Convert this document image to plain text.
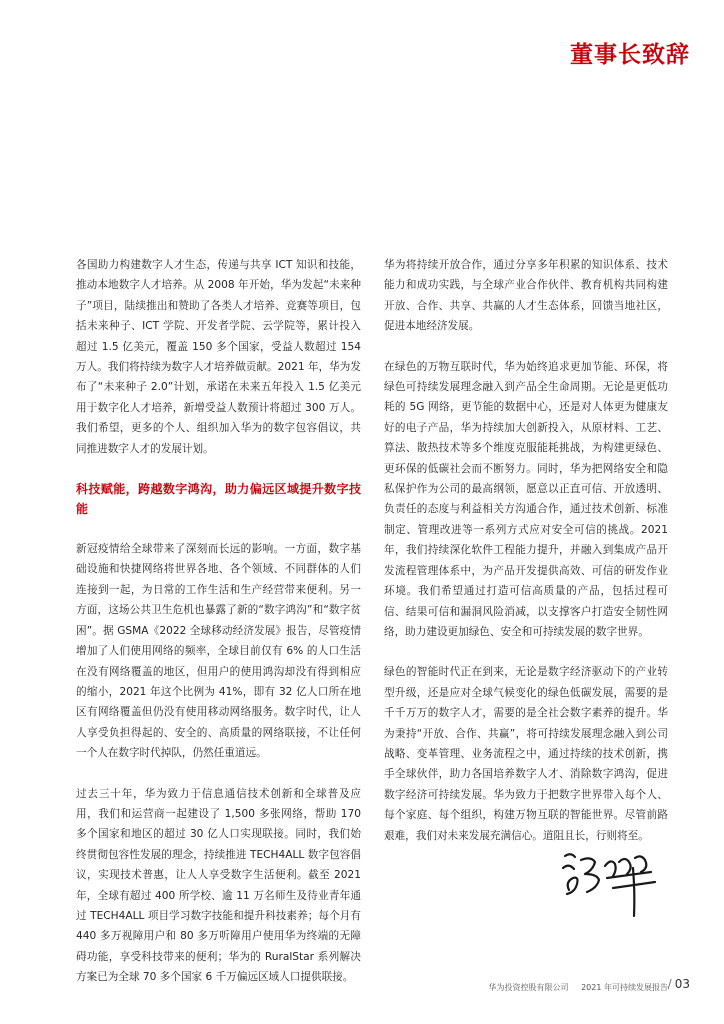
董事长致辞

各国助力构建数字人才生态，传递与共享 ICT 知识和技能，推动本地数字人才培养。从 2008 年开始，华为发起“未来种子”项目，陆续推出和赞助了各类人才培养、竞赛等项目，包括未来种子、ICT 学院、开发者学院、云学院等，累计投入超过 1.5 亿美元，覆盖 150 多个国家，受益人数超过 154 万人。我们将持续为数字人才培养做贡献。2021 年，华为发布了“未来种子 2.0”计划，承诺在未来五年投入 1.5 亿美元用于数字化人才培养，新增受益人数预计将超过 300 万人。我们希望，更多的个人、组织加入华为的数字包容倡议，共同推进数字人才的发展计划。

科技赋能，跨越数字鸿沟，助力偏远区域提升数字技能

新冠疫情给全球带来了深刻而长远的影响。一方面，数字基础设施和快捷网络将世界各地、各个领域、不同群体的人们连接到一起，为日常的工作生活和生产经营带来便利。另一方面，这场公共卫生危机也暴露了新的“数字鸿沟”和“数字贫困”。据 GSMA《2022 全球移动经济发展》报告，尽管疫情增加了人们使用网络的频率，全球目前仅有 6% 的人口生活在没有网络覆盖的地区，但用户的使用鸿沟却没有得到相应的缩小，2021 年这个比例为 41%，即有 32 亿人口所在地区有网络覆盖但仍没有使用移动网络服务。数字时代，让人人享受负担得起的、安全的、高质量的网络联接，不让任何一个人在数字时代掉队，仍然任重道远。

过去三十年，华为致力于信息通信技术创新和全球普及应用，我们和运营商一起建设了 1,500 多张网络，帮助 170 多个国家和地区的超过 30 亿人口实现联接。同时，我们始终贯彻包容性发展的理念，持续推进 TECH4ALL 数字包容倡议，实现技术普惠，让人人享受数字生活便利。截至 2021 年，全球有超过 400 所学校、逾 11 万名师生及待业青年通过 TECH4ALL 项目学习数字技能和提升科技素养；每个月有 440 多万视障用户和 80 多万听障用户使用华为终端的无障碍功能，享受科技带来的便利；华为的 RuralStar 系列解决方案已为全球 70 多个国家 6 千万偏远区域人口提供联接。

华为将持续开放合作，通过分享多年积累的知识体系、技术能力和成功实践，与全球产业合作伙伴、教育机构共同构建开放、合作、共享、共赢的人才生态体系，回馈当地社区，促进本地经济发展。

在绿色的万物互联时代，华为始终追求更加节能、环保，将绿色可持续发展理念融入到产品全生命周期。无论是更低功耗的 5G 网络，更节能的数据中心，还是对人体更为健康友好的电子产品，华为持续加大创新投入，从原材料、工艺、算法、散热技术等多个维度克服能耗挑战，为构建更绿色、更环保的低碳社会而不断努力。同时，华为把网络安全和隐私保护作为公司的最高纲领，愿意以正直可信、开放透明、负责任的态度与利益相关方沟通合作，通过技术创新、标准制定、管理改进等一系列方式应对安全可信的挑战。2021 年，我们持续深化软件工程能力提升，并融入到集成产品开发流程管理体系中，为产品开发提供高效、可信的研发作业环境。我们希望通过打造可信高质量的产品，包括过程可信、结果可信和漏洞风险消减，以支撑客户打造安全韧性网络，助力建设更加绿色、安全和可持续发展的数字世界。

绿色的智能时代正在到来，无论是数字经济驱动下的产业转型升级，还是应对全球气候变化的绿色低碳发展，需要的是千千万万的数字人才，需要的是全社会数字素养的提升。华为秉持“开放、合作、共赢”，将可持续发展理念融入到公司战略、变革管理、业务流程之中，通过持续的技术创新，携手全球伙伴，助力各国培养数字人才、消除数字鸿沟，促进数字经济可持续发展。华为致力于把数字世界带入每个人、每个家庭、每个组织，构建万物互联的智能世界。尽管前路艰难，我们对未来发展充满信心。道阻且长，行则将至。

华为投资控股有限公司 2021 年可持续发展报告 / 03
